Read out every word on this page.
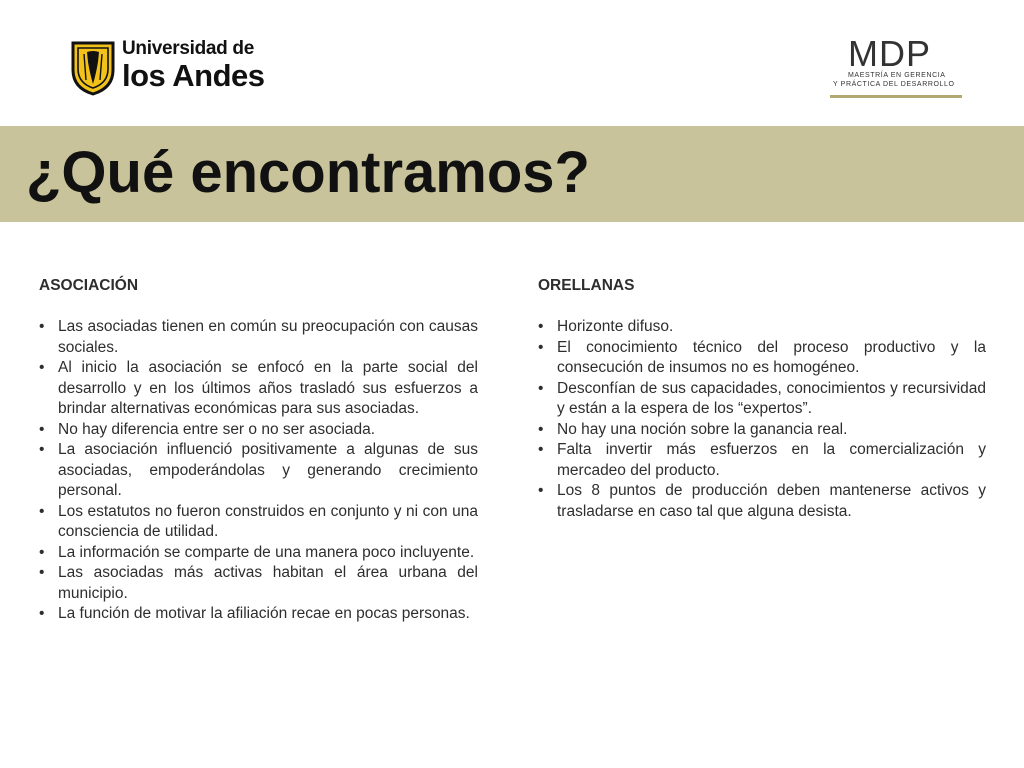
Universidad de
los Andes
MDP
MAESTRÍA EN GERENCIA
Y PRÁCTICA DEL DESARROLLO
¿Qué encontramos?
ASOCIACIÓN
• Las asociadas tienen en común su preocupación con causas sociales.
• Al inicio la asociación se enfocó en la parte social del desarrollo y en los últimos años trasladó sus esfuerzos a brindar alternativas económicas para sus asociadas.
• No hay diferencia entre ser o no ser asociada.
• La asociación influenció positivamente a algunas de sus asociadas, empoderándolas y generando crecimiento personal.
• Los estatutos no fueron construidos en conjunto y ni con una consciencia de utilidad.
• La información se comparte de una manera poco incluyente.
• Las asociadas más activas habitan el área urbana del municipio.
• La función de motivar la afiliación recae en pocas personas.
ORELLANAS
• Horizonte difuso.
• El conocimiento técnico del proceso productivo y la consecución de insumos no es homogéneo.
• Desconfían de sus capacidades, conocimientos y recursividad y están a la espera de los “expertos”.
• No hay una noción sobre la ganancia real.
• Falta invertir más esfuerzos en la comercialización y mercadeo del producto.
• Los 8 puntos de producción deben mantenerse activos y trasladarse en caso tal que alguna desista.
